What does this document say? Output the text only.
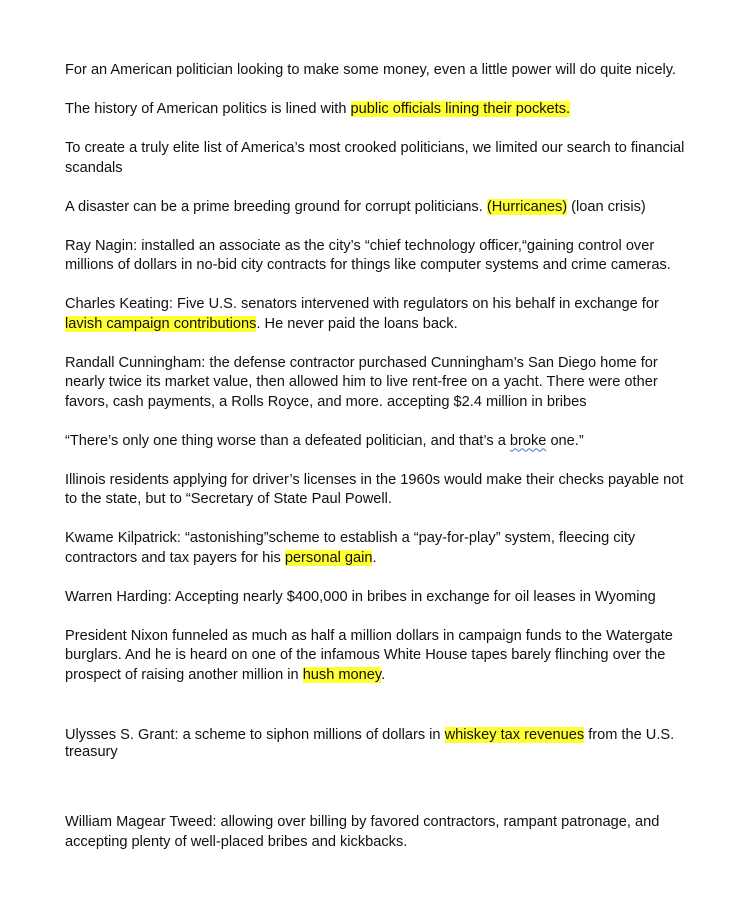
For an American politician looking to make some money, even a little power will do quite nicely.

The history of American politics is lined with public officials lining their pockets.

To create a truly elite list of America’s most crooked politicians, we limited our search to financial scandals

A disaster can be a prime breeding ground for corrupt politicians. (Hurricanes) (loan crisis)

Ray Nagin: installed an associate as the city’s “chief technology officer,“gaining control over millions of dollars in no-bid city contracts for things like computer systems and crime cameras.

Charles Keating: Five U.S. senators intervened with regulators on his behalf in exchange for lavish campaign contributions. He never paid the loans back.

Randall Cunningham: the defense contractor purchased Cunningham’s San Diego home for nearly twice its market value, then allowed him to live rent-free on a yacht. There were other favors, cash payments, a Rolls Royce, and more. accepting $2.4 million in bribes

“There’s only one thing worse than a defeated politician, and that’s a broke one.”

Illinois residents applying for driver’s licenses in the 1960s would make their checks payable not to the state, but to “Secretary of State Paul Powell.

Kwame Kilpatrick: “astonishing”scheme to establish a “pay-for-play” system, fleecing city contractors and tax payers for his personal gain.

Warren Harding: Accepting nearly $400,000 in bribes in exchange for oil leases in Wyoming

President Nixon funneled as much as half a million dollars in campaign funds to the Watergate burglars. And he is heard on one of the infamous White House tapes barely flinching over the prospect of raising another million in hush money.

Ulysses S. Grant: a scheme to siphon millions of dollars in whiskey tax revenues from the U.S. treasury

William Magear Tweed: allowing over billing by favored contractors, rampant patronage, and accepting plenty of well-placed bribes and kickbacks.
